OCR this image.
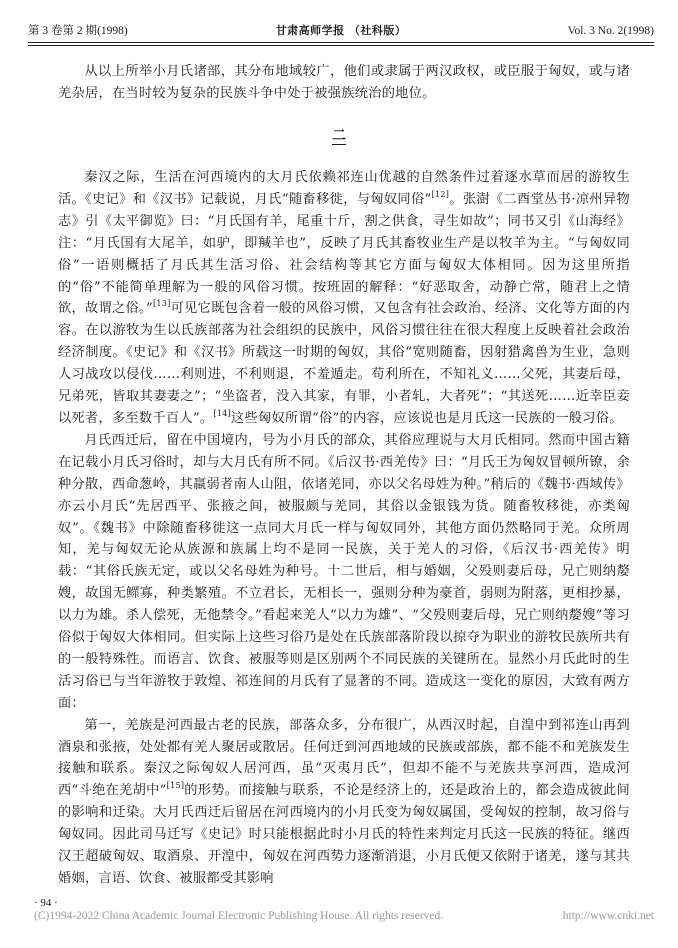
第 3 卷第 2 期(1998)	甘肃高师学报 （社科版）	Vol. 3 No. 2(1998)
从以上所举小月氏诸部，其分布地域较广，他们或隶属于两汉政权，或臣服于匈奴，或与诸羌杂居，在当时较为复杂的民族斗争中处于被强族统治的地位。
二

秦汉之际，生活在河西境内的大月氏依赖祁连山优越的自然条件过着逐水草而居的游牧生活。《史记》和《汉书》记载说，月氏“随畜移徙，与匈奴同俗”[12]。张澍《二酉堂丛书·凉州异物志》引《太平御览》曰：“月氏国有羊，尾重十斤，割之供食，寻生如故”；同书又引《山海经》注：“月氏国有大尾羊，如驴，即羬羊也”，反映了月氏其畜牧业生产是以牧羊为主。“与匈奴同俗”一语则概括了月氏其生活习俗、社会结构等其它方面与匈奴大体相同。因为这里所指的“俗”不能简单理解为一般的风俗习惯。按班固的解释：“好恶取舍，动静亡常，随君上之情欲，故谓之俗。”[13]可见它既包含着一般的风俗习惯，又包含有社会政治、经济、文化等方面的内容。在以游牧为生以氏族部落为社会组织的民族中，风俗习惯往往在很大程度上反映着社会政治经济制度。《史记》和《汉书》所载这一时期的匈奴，其俗“宽则随畜，因射猎禽兽为生业，急则人习战攻以侵伐……利则进，不利则退，不羞遁走。苟利所在，不知礼义……父死，其妻后母，兄弟死，皆取其妻妻之”；“坐盗者，没入其家，有罪，小者轧，大者死”；“其送死……近幸臣妾以死者，多至数千百人”。[14]这些匈奴所谓“俗”的内容，应该说也是月氏这一民族的一般习俗。

月氏西迁后，留在中国境内，号为小月氏的部众，其俗应理说与大月氏相同。然而中国古籍在记载小月氏习俗时，却与大月氏有所不同。《后汉书·西羌传》曰：“月氏王为匈奴冒顿所镣，余种分散，西命葱岭，其羸弱者南人山阻，依诸羌同，亦以父名母姓为种。”稍后的《魏书·西域传》亦云小月氏“先居西平、张掖之间，被服颇与羌同，其俗以金银钱为货。随畜牧移徙，亦类匈奴”。《魏书》中除随畜移徙这一点同大月氏一样与匈奴同外，其他方面仍然略同于羌。众所周知，羌与匈奴无论从族源和族属上均不是同一民族，关于羌人的习俗，《后汉书·西羌传》明载：“其俗氏族无定，或以父名母姓为种号。十二世后，相与婚姻，父殁则妻后母，兄亡则纳嫠嫂，故国无鳏寡，种类繁殖。不立君长，无相长一，强则分种为豪首，弱则为附落，更相抄暴，以力为雄。杀人偿死，无他禁令。”看起来羌人“以力为雄”、“父殁则妻后母，兄亡则纳嫠嫂”等习俗似于匈奴大体相同。但实际上这些习俗乃是处在氏族部落阶段以掠夺为职业的游牧民族所共有的一般特殊性。而语言、饮食、被服等则是区别两个不同民族的关键所在。显然小月氏此时的生活习俗已与当年游牧于敦煌、祁连间的月氏有了显著的不同。造成这一变化的原因，大致有两方面：

第一，羌族是河西最古老的民族，部落众多，分布很广，从西汉时起，自湟中到祁连山再到酒泉和张掖，处处都有羌人聚居或散居。任何迁到河西地域的民族或部族，都不能不和羌族发生接触和联系。秦汉之际匈奴人居河西，虽“灭夷月氏”，但却不能不与羌族共享河西，造成河西“斗绝在羌胡中”[15]的形势。而接触与联系，不论是经济上的，还是政治上的，都会造成彼此间的影响和迁染。大月氏西迁后留居在河西境内的小月氏变为匈奴属国，受匈奴的控制，故习俗与匈奴同。因此司马迁写《史记》时只能根据此时小月氏的特性来判定月氏这一民族的特征。继西汉王超破匈奴、取酒泉、开湟中，匈奴在河西势力逐渐消退，小月氏便又依附于诸羌，遂与其共婚姻，言语、饮食、被服都受其影响

· 94 ·
(C)1994-2022 China Academic Journal Electronic Publishing House. All rights reserved.	http://www.cnki.net
